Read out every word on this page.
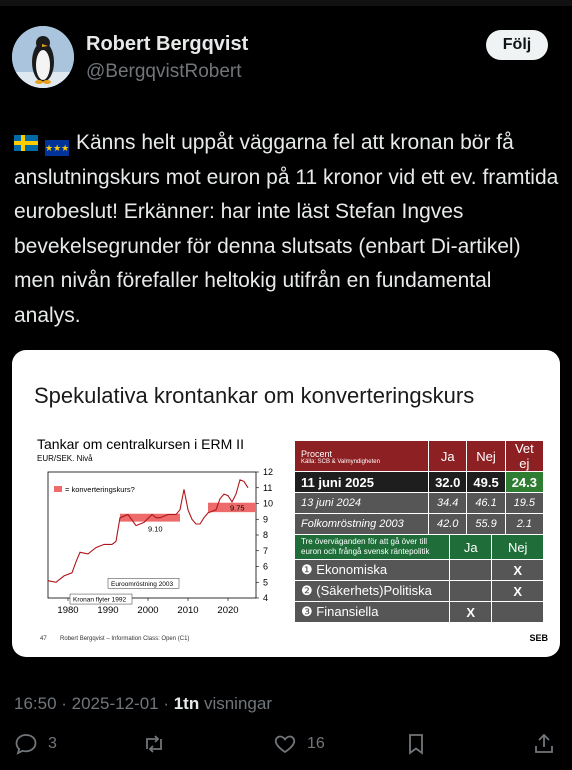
Robert Bergqvist
@BergqvistRobert
Följ
★★★ Känns helt uppåt väggarna fel att kronan bör få anslutningskurs mot euron på 11 kronor vid ett ev. framtida eurobeslut! Erkänner: har inte läst Stefan Ingves bevekelsegrunder för denna slutsats (enbart Di-artikel) men nivån förefaller heltokig utifrån en fundamental analys.
Spekulativa krontankar om konverteringskurs
Tankar om centralkursen i ERM II
EUR/SEK. Nivå
4
5
6
7
8
9
10
11
12
1980 1990 2000 2010 2020
= konverteringskurs?
9.10
9.75
Euroomröstning 2003
Kronan flyter 1992
Procent
Källa: SCB & Valmyndigheten	Ja	Nej	Vet ej
11 juni 2025	32.0	49.5	24.3
13 juni 2024	34.4	46.1	19.5
Folkomröstning 2003	42.0	55.9	2.1
Tre överväganden för att gå över till euron och frångå svensk räntepolitik	Ja	Nej
❶ Ekonomiska		X
❷ (Säkerhets)Politiska		X
❸ Finansiella	X	
47 Robert Bergqvist – Information Class: Open (C1)	SEB
16:50 · 2025-12-01 · 1tn visningar
3	16
